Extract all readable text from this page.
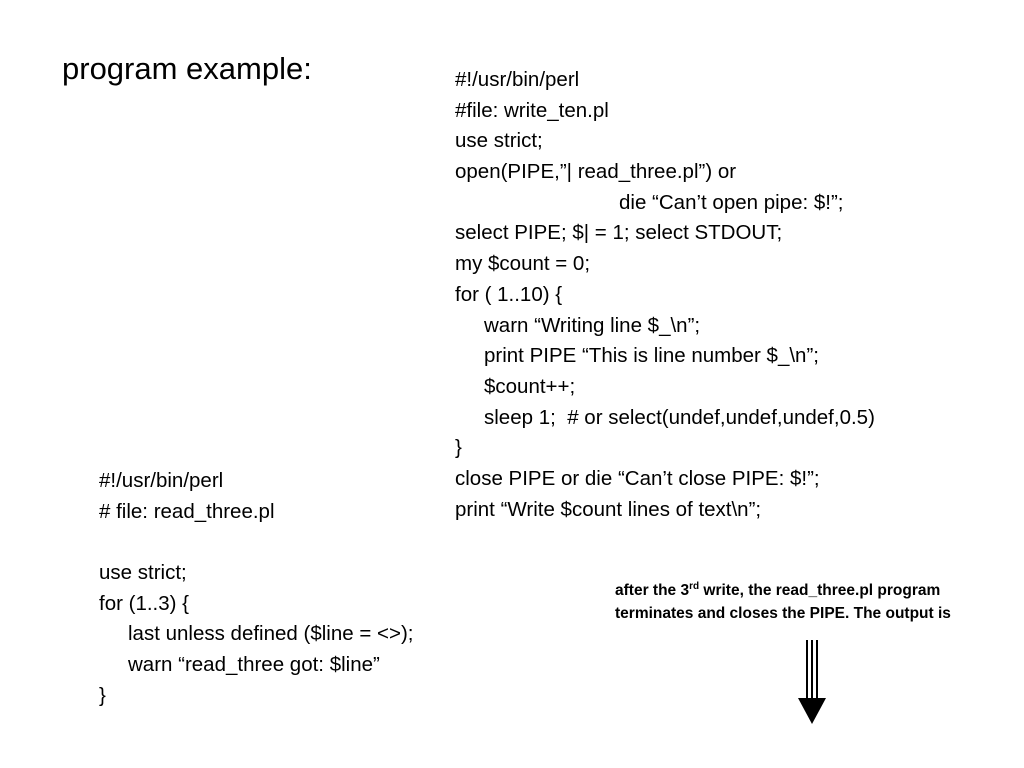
program example:	#!/usr/bin/perl
#file: write_ten.pl
use strict;
open(PIPE,”| read_three.pl”) or
die “Can’t open pipe: $!”;
select PIPE; $| = 1; select STDOUT;
my $count = 0;
for ( 1..10) {
warn “Writing line $_\n”;
print PIPE “This is line number $_\n”;
$count++;
sleep 1;  # or select(undef,undef,undef,0.5)
}
close PIPE or die “Can’t close PIPE: $!”;
print “Write $count lines of text\n”;
#!/usr/bin/perl
# file: read_three.pl
use strict;
for (1..3) {
last unless defined ($line = <>);
warn “read_three got: $line”
}
after the 3rd write, the read_three.pl program terminates and closes the PIPE. The output is
